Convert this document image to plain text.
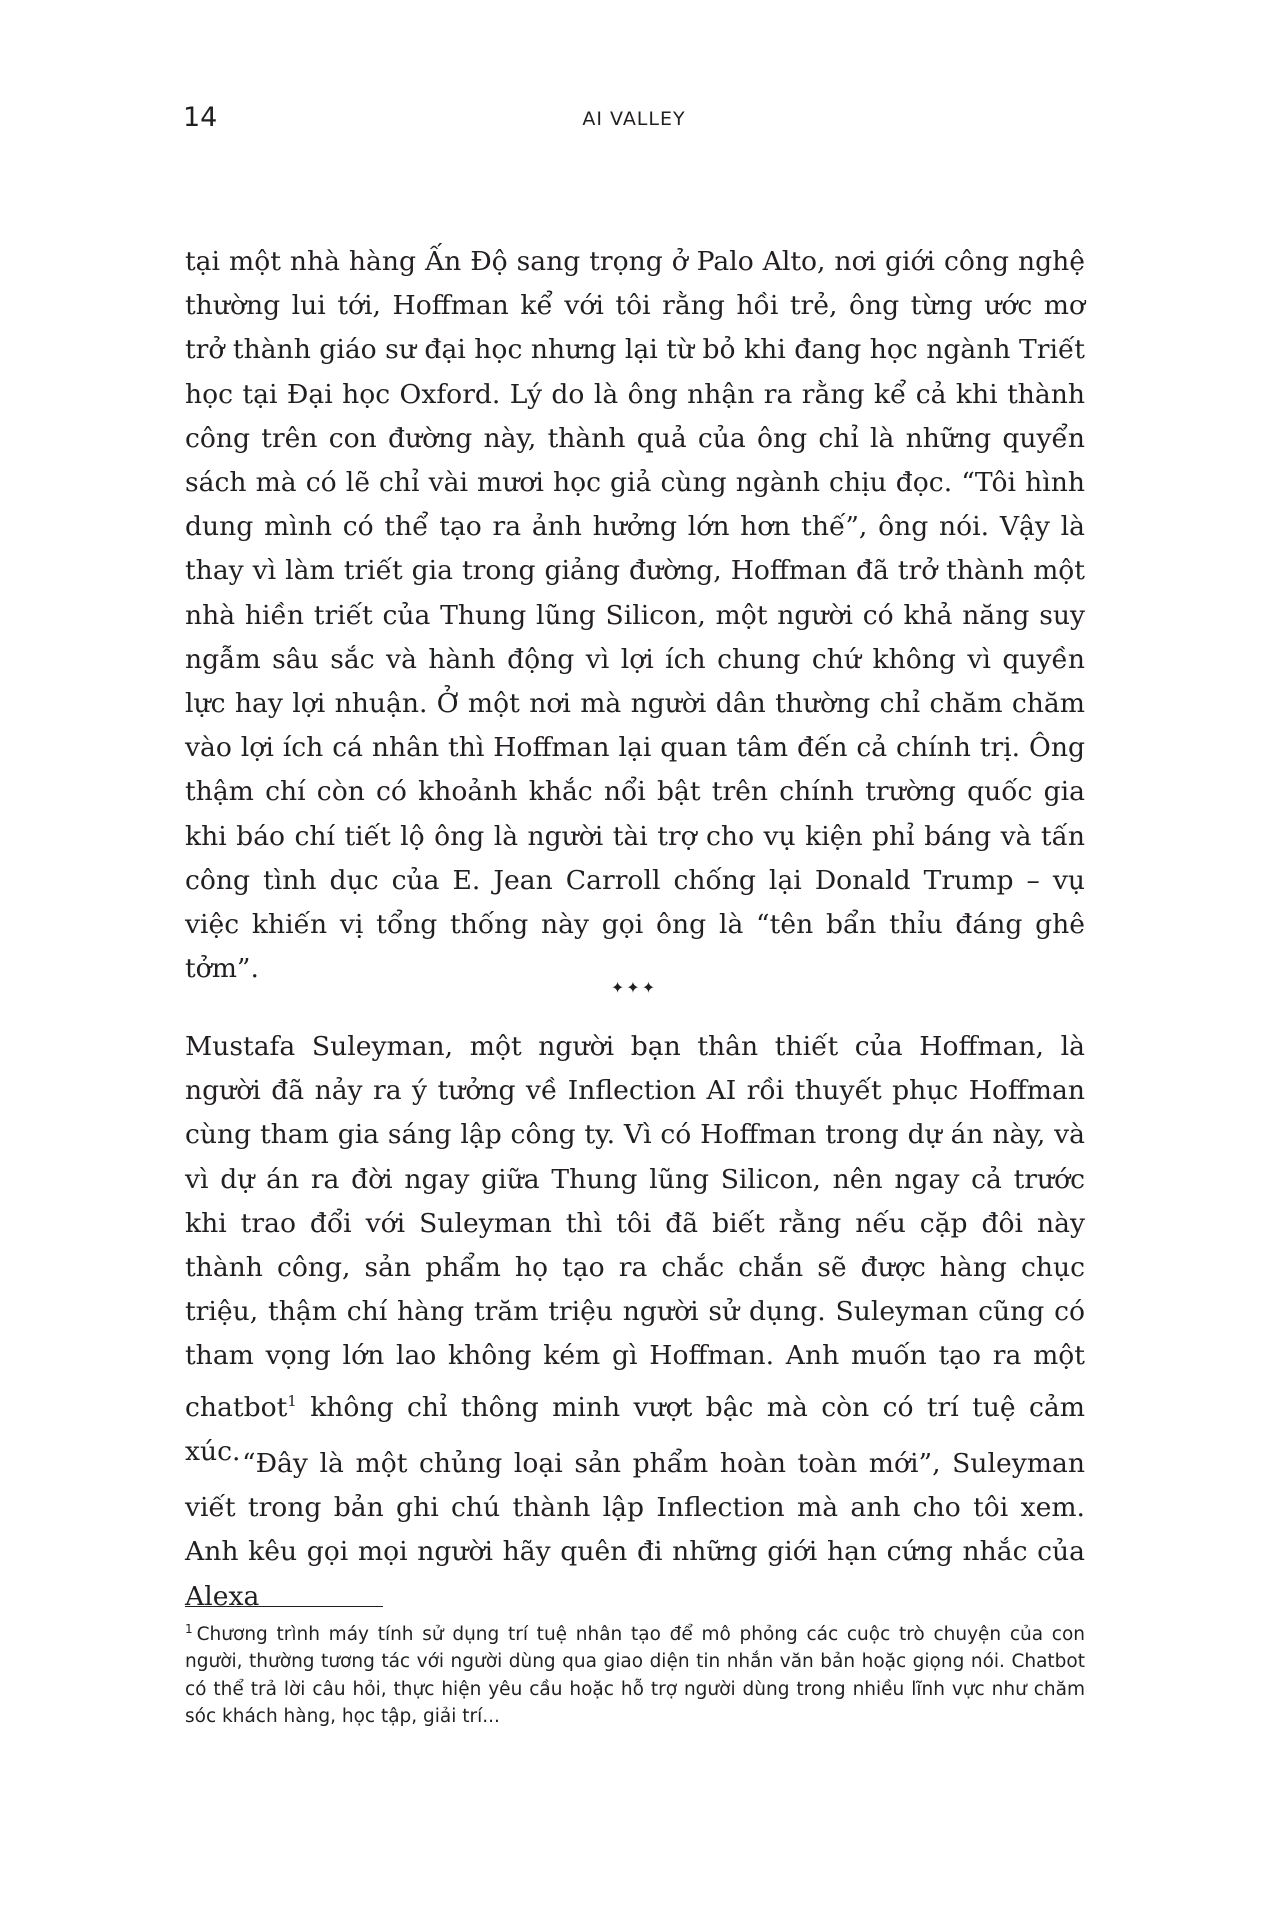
14	AI VALLEY

tại một nhà hàng Ấn Độ sang trọng ở Palo Alto, nơi giới công nghệ thường lui tới, Hoffman kể với tôi rằng hồi trẻ, ông từng ước mơ trở thành giáo sư đại học nhưng lại từ bỏ khi đang học ngành Triết học tại Đại học Oxford. Lý do là ông nhận ra rằng kể cả khi thành công trên con đường này, thành quả của ông chỉ là những quyển sách mà có lẽ chỉ vài mươi học giả cùng ngành chịu đọc. “Tôi hình dung mình có thể tạo ra ảnh hưởng lớn hơn thế”, ông nói. Vậy là thay vì làm triết gia trong giảng đường, Hoffman đã trở thành một nhà hiền triết của Thung lũng Silicon, một người có khả năng suy ngẫm sâu sắc và hành động vì lợi ích chung chứ không vì quyền lực hay lợi nhuận. Ở một nơi mà người dân thường chỉ chăm chăm vào lợi ích cá nhân thì Hoffman lại quan tâm đến cả chính trị. Ông thậm chí còn có khoảnh khắc nổi bật trên chính trường quốc gia khi báo chí tiết lộ ông là người tài trợ cho vụ kiện phỉ báng và tấn công tình dục của E. Jean Carroll chống lại Donald Trump – vụ việc khiến vị tổng thống này gọi ông là “tên bẩn thỉu đáng ghê tởm”.

✦✦✦

Mustafa Suleyman, một người bạn thân thiết của Hoffman, là người đã nảy ra ý tưởng về Inflection AI rồi thuyết phục Hoffman cùng tham gia sáng lập công ty. Vì có Hoffman trong dự án này, và vì dự án ra đời ngay giữa Thung lũng Silicon, nên ngay cả trước khi trao đổi với Suleyman thì tôi đã biết rằng nếu cặp đôi này thành công, sản phẩm họ tạo ra chắc chắn sẽ được hàng chục triệu, thậm chí hàng trăm triệu người sử dụng. Suleyman cũng có tham vọng lớn lao không kém gì Hoffman. Anh muốn tạo ra một chatbot$^1$ không chỉ thông minh vượt bậc mà còn có trí tuệ cảm xúc. “Đây là một chủng loại sản phẩm hoàn toàn mới”, Suleyman viết trong bản ghi chú thành lập Inflection mà anh cho tôi xem. Anh kêu gọi mọi người hãy quên đi những giới hạn cứng nhắc của Alexa

$^1$ Chương trình máy tính sử dụng trí tuệ nhân tạo để mô phỏng các cuộc trò chuyện của con người, thường tương tác với người dùng qua giao diện tin nhắn văn bản hoặc giọng nói. Chatbot có thể trả lời câu hỏi, thực hiện yêu cầu hoặc hỗ trợ người dùng trong nhiều lĩnh vực như chăm sóc khách hàng, học tập, giải trí...
